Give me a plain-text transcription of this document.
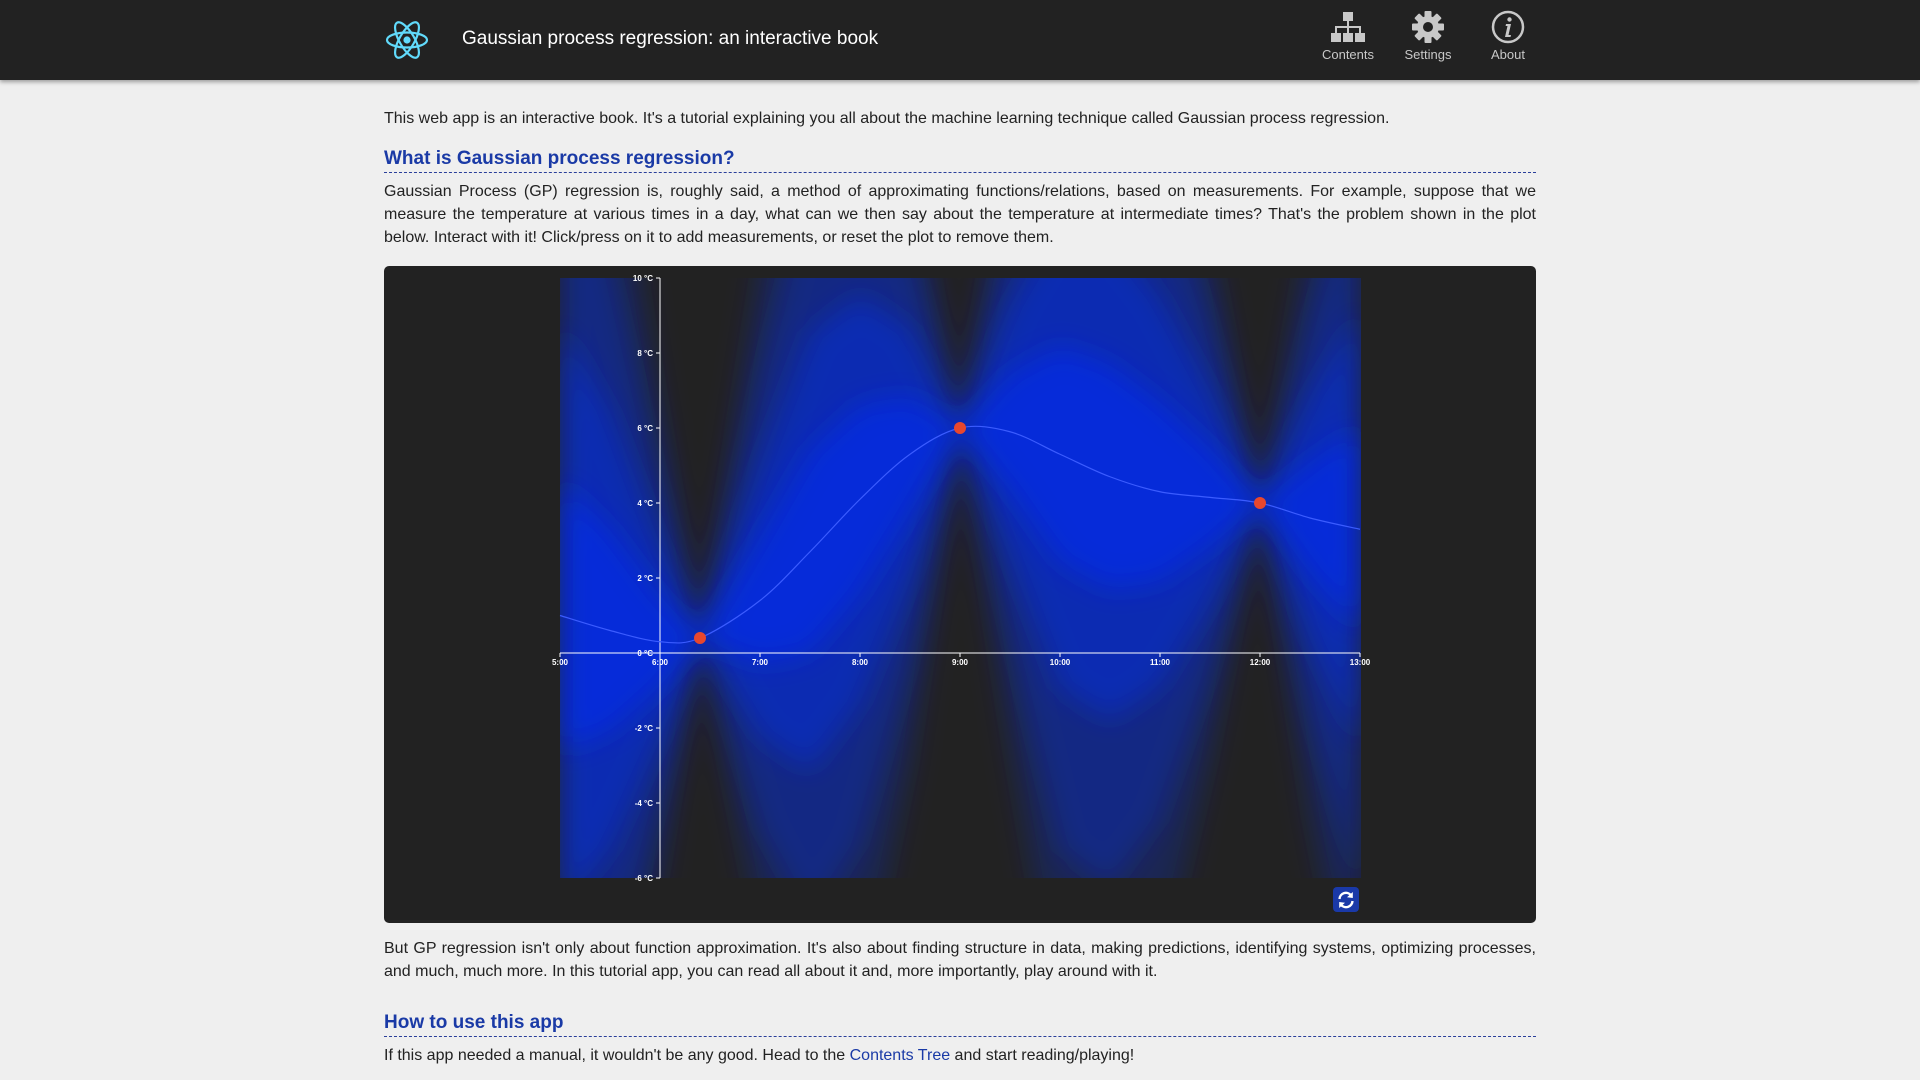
Gaussian process regression: an interactive book
Contents	Settings	About

This web app is an interactive book. It's a tutorial explaining you all about the machine learning technique called Gaussian process regression.

What is Gaussian process regression?

Gaussian Process (GP) regression is, roughly said, a method of approximating functions/relations, based on measurements. For example, suppose that we measure the temperature at various times in a day, what can we then say about the temperature at intermediate times? That's the problem shown in the plot below. Interact with it! Click/press on it to add measurements, or reset the plot to remove them.

5:00	6:00	7:00	8:00	9:00	10:00	11:00	12:00	13:00
10 °C
8 °C
6 °C
4 °C
2 °C
0 °C
-2 °C
-4 °C
-6 °C

But GP regression isn't only about function approximation. It's also about finding structure in data, making predictions, identifying systems, optimizing processes, and much, much more. In this tutorial app, you can read all about it and, more importantly, play around with it.

How to use this app

If this app needed a manual, it wouldn't be any good. Head to the Contents Tree and start reading/playing!
